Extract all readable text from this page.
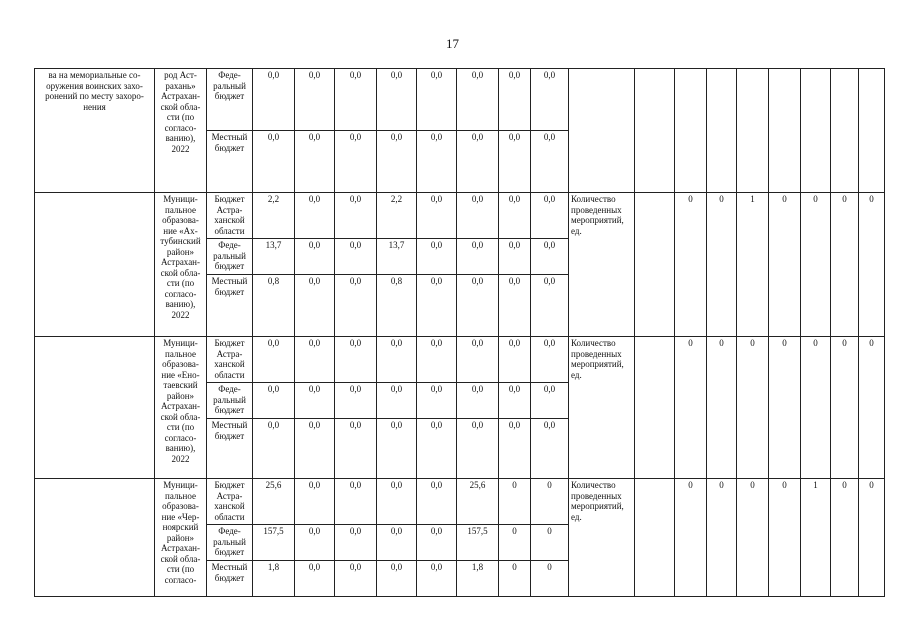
17
ва на мемориальные сооружения воинских захоронений по месту захоронения	род Астрахань» Астраханской области (по согласованию), 2022	Федеральный бюджет	0,0	0,0	0,0	0,0	0,0	0,0	0,0	0,0									
		Местный бюджет	0,0	0,0	0,0	0,0	0,0	0,0	0,0	0,0									
	Муниципальное образование «Ахтубинский район» Астраханской области (по согласованию), 2022	Бюджет Астраханской области	2,2	0,0	0,0	2,2	0,0	0,0	0,0	0,0	Количество проведенных мероприятий, ед.		0	0	1	0	0	0	0
		Федеральный бюджет	13,7	0,0	0,0	13,7	0,0	0,0	0,0	0,0									
		Местный бюджет	0,8	0,0	0,0	0,8	0,0	0,0	0,0	0,0									
	Муниципальное образование «Енотаевский район» Астраханской области (по согласованию), 2022	Бюджет Астраханской области	0,0	0,0	0,0	0,0	0,0	0,0	0,0	0,0	Количество проведенных мероприятий, ед.		0	0	0	0	0	0	0
		Федеральный бюджет	0,0	0,0	0,0	0,0	0,0	0,0	0,0	0,0									
		Местный бюджет	0,0	0,0	0,0	0,0	0,0	0,0	0,0	0,0									
	Муниципальное образование «Черноярский район» Астраханской области (по согласо-	Бюджет Астраханской области	25,6	0,0	0,0	0,0	0,0	25,6	0	0	Количество проведенных мероприятий, ед.		0	0	0	0	1	0	0
		Федеральный бюджет	157,5	0,0	0,0	0,0	0,0	157,5	0	0									
		Местный бюджет	1,8	0,0	0,0	0,0	0,0	1,8	0	0									
